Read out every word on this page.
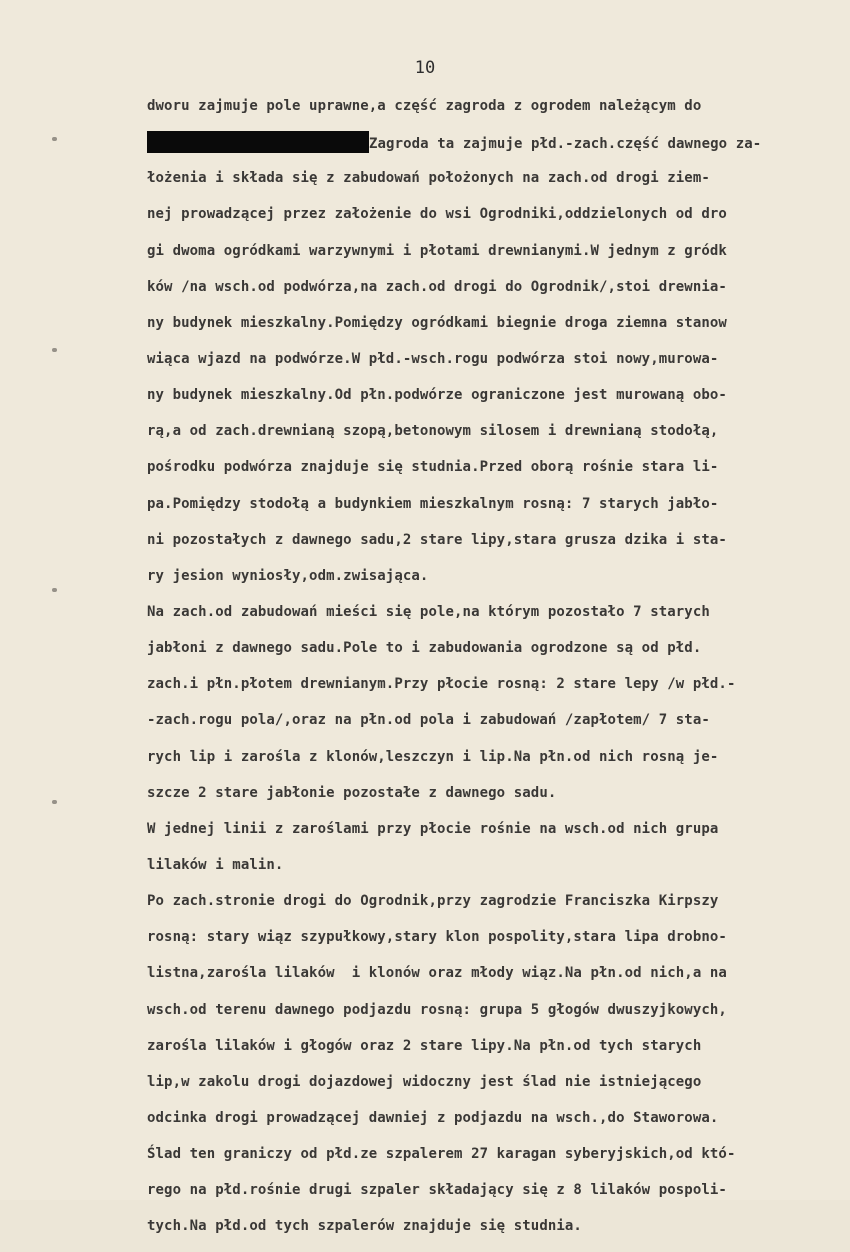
10
dworu zajmuje pole uprawne,a część zagroda z ogrodem należącym do
Zagroda ta zajmuje płd.-zach.część dawnego za-
łożenia i składa się z zabudowań położonych na zach.od drogi ziem-
nej prowadzącej przez założenie do wsi Ogrodniki,oddzielonych od dro
gi dwoma ogródkami warzywnymi i płotami drewnianymi.W jednym z gródk
ków /na wsch.od podwórza,na zach.od drogi do Ogrodnik/,stoi drewnia-
ny budynek mieszkalny.Pomiędzy ogródkami biegnie droga ziemna stanow
wiąca wjazd na podwórze.W płd.-wsch.rogu podwórza stoi nowy,murowa-
ny budynek mieszkalny.Od płn.podwórze ograniczone jest murowaną obo-
rą,a od zach.drewnianą szopą,betonowym silosem i drewnianą stodołą,
pośrodku podwórza znajduje się studnia.Przed oborą rośnie stara li-
pa.Pomiędzy stodołą a budynkiem mieszkalnym rosną: 7 starych jabło-
ni pozostałych z dawnego sadu,2 stare lipy,stara grusza dzika i sta-
ry jesion wyniosły,odm.zwisająca.
Na zach.od zabudowań mieści się pole,na którym pozostało 7 starych
jabłoni z dawnego sadu.Pole to i zabudowania ogrodzone są od płd.
zach.i płn.płotem drewnianym.Przy płocie rosną: 2 stare lepy /w płd.-
-zach.rogu pola/,oraz na płn.od pola i zabudowań /zapłotem/ 7 sta-
rych lip i zarośla z klonów,leszczyn i lip.Na płn.od nich rosną je-
szcze 2 stare jabłonie pozostałe z dawnego sadu.
W jednej linii z zaroślami przy płocie rośnie na wsch.od nich grupa
lilaków i malin.
Po zach.stronie drogi do Ogrodnik,przy zagrodzie Franciszka Kirpszy
rosną: stary wiąz szypułkowy,stary klon pospolity,stara lipa drobno-
listna,zarośla lilaków  i klonów oraz młody wiąz.Na płn.od nich,a na
wsch.od terenu dawnego podjazdu rosną: grupa 5 głogów dwuszyjkowych,
zarośla lilaków i głogów oraz 2 stare lipy.Na płn.od tych starych
lip,w zakolu drogi dojazdowej widoczny jest ślad nie istniejącego
odcinka drogi prowadzącej dawniej z podjazdu na wsch.,do Staworowa.
Ślad ten graniczy od płd.ze szpalerem 27 karagan syberyjskich,od któ-
rego na płd.rośnie drugi szpaler składający się z 8 lilaków pospoli-
tych.Na płd.od tych szpalerów znajduje się studnia.
